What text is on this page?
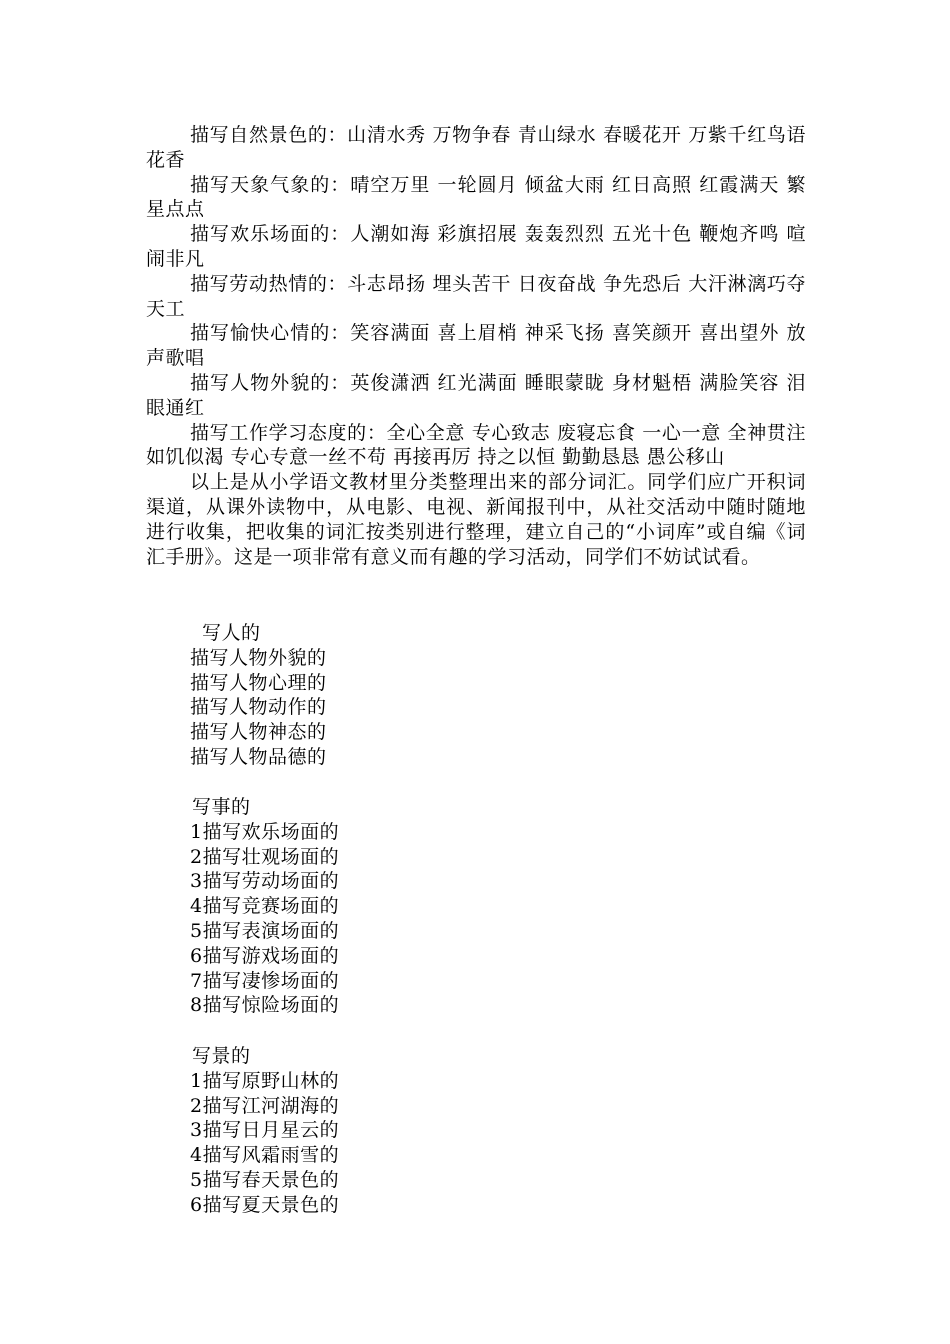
描写自然景色的：山清水秀 万物争春 青山绿水 春暖花开 万紫千红鸟语花香

描写天象气象的：晴空万里 一轮圆月 倾盆大雨 红日高照 红霞满天 繁星点点

描写欢乐场面的：人潮如海 彩旗招展 轰轰烈烈 五光十色 鞭炮齐鸣 喧闹非凡

描写劳动热情的：斗志昂扬 埋头苦干 日夜奋战 争先恐后 大汗淋漓巧夺天工

描写愉快心情的：笑容满面 喜上眉梢 神采飞扬 喜笑颜开 喜出望外 放声歌唱

描写人物外貌的：英俊潇洒 红光满面 睡眼蒙眬 身材魁梧 满脸笑容 泪眼通红

描写工作学习态度的：全心全意 专心致志 废寝忘食 一心一意 全神贯注 如饥似渴 专心专意一丝不苟 再接再厉 持之以恒 勤勤恳恳 愚公移山

以上是从小学语文教材里分类整理出来的部分词汇。同学们应广开积词渠道，从课外读物中，从电影、电视、新闻报刊中，从社交活动中随时随地进行收集，把收集的词汇按类别进行整理，建立自己的“小词库”或自编《词汇手册》。这是一项非常有意义而有趣的学习活动，同学们不妨试试看。

写人的

描写人物外貌的

描写人物心理的

描写人物动作的

描写人物神态的

描写人物品德的

写事的

1描写欢乐场面的

2描写壮观场面的

3描写劳动场面的

4描写竞赛场面的

5描写表演场面的

6描写游戏场面的

7描写凄惨场面的

8描写惊险场面的

写景的

1描写原野山林的

2描写江河湖海的

3描写日月星云的

4描写风霜雨雪的

5描写春天景色的

6描写夏天景色的
